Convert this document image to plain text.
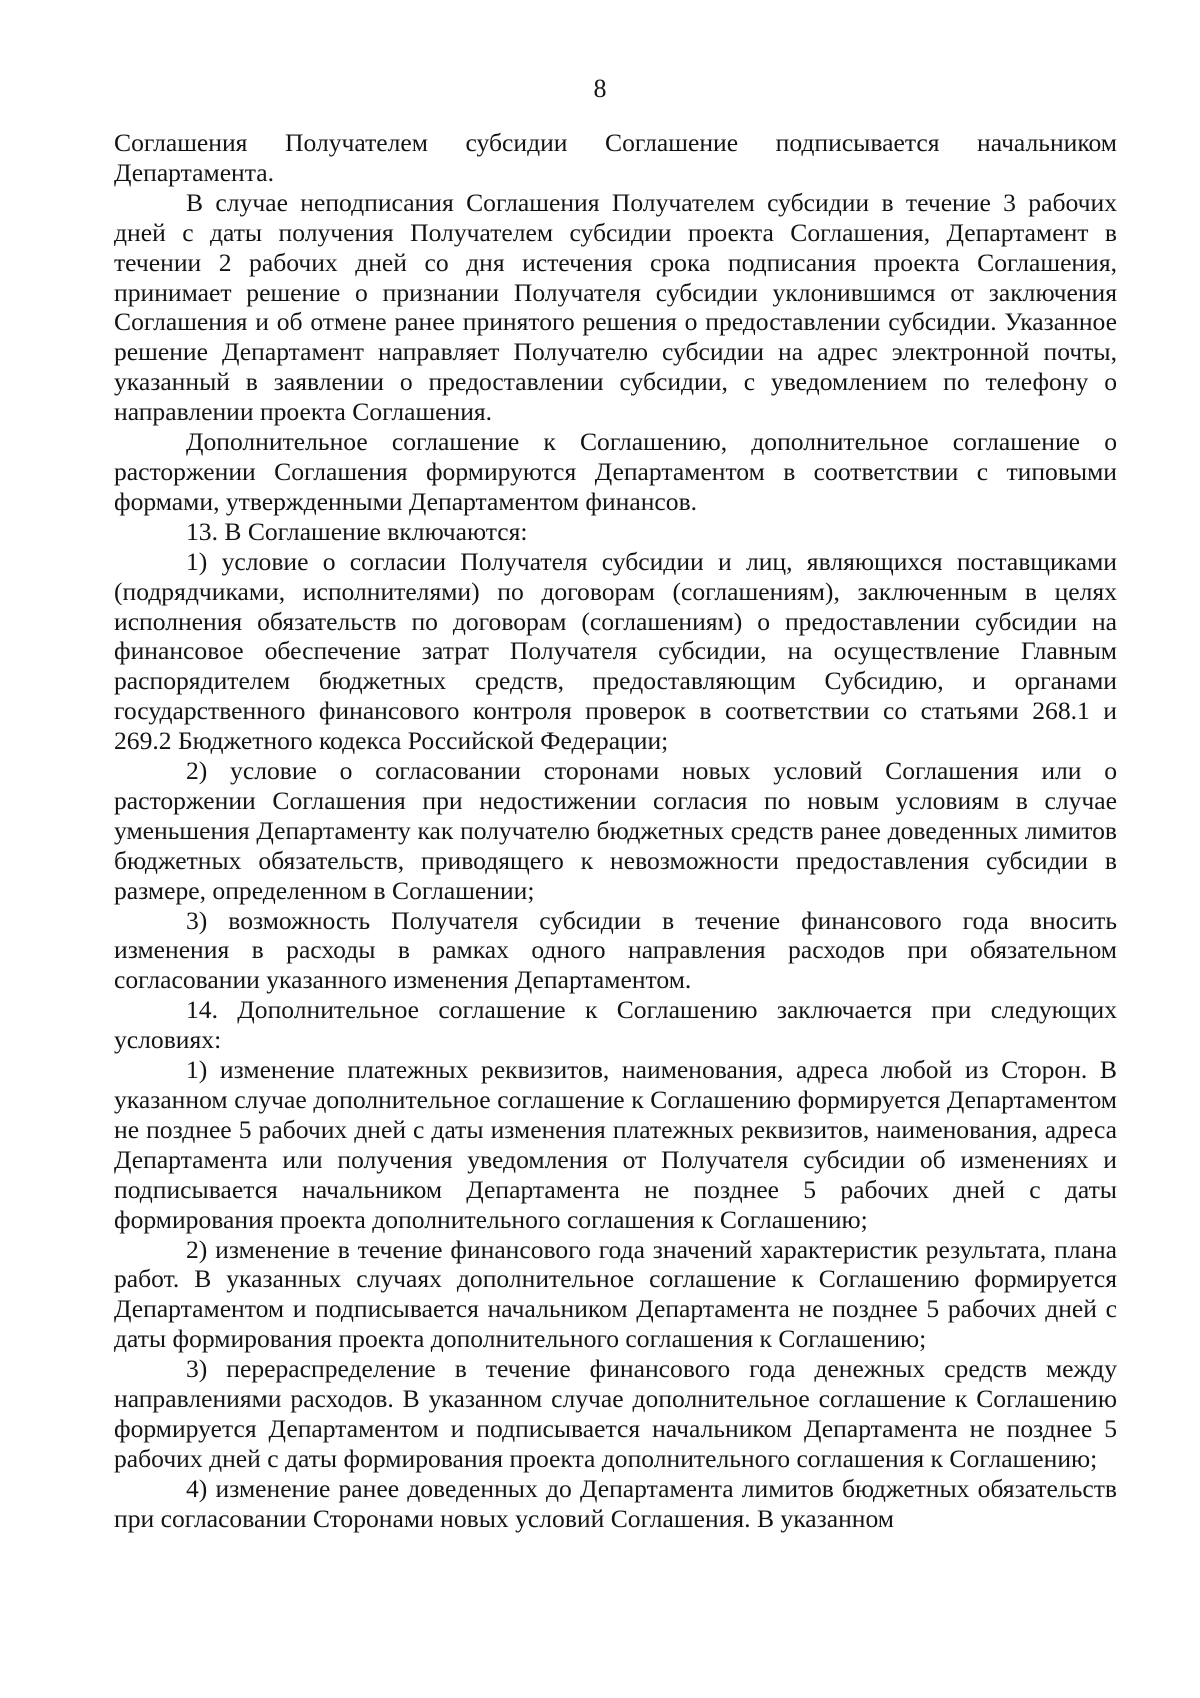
8

Соглашения Получателем субсидии Соглашение подписывается начальником Департамента.

В случае неподписания Соглашения Получателем субсидии в течение 3 рабочих дней с даты получения Получателем субсидии проекта Соглашения, Департамент в течении 2 рабочих дней со дня истечения срока подписания проекта Соглашения, принимает решение о признании Получателя субсидии уклонившимся от заключения Соглашения и об отмене ранее принятого решения о предоставлении субсидии. Указанное решение Департамент направляет Получателю субсидии на адрес электронной почты, указанный в заявлении о предоставлении субсидии, с уведомлением по телефону о направлении проекта Соглашения.

Дополнительное соглашение к Соглашению, дополнительное соглашение о расторжении Соглашения формируются Департаментом в соответствии с типовыми формами, утвержденными Департаментом финансов.

13. В Соглашение включаются:

1) условие о согласии Получателя субсидии и лиц, являющихся поставщиками (подрядчиками, исполнителями) по договорам (соглашениям), заключенным в целях исполнения обязательств по договорам (соглашениям) о предоставлении субсидии на финансовое обеспечение затрат Получателя субсидии, на осуществление Главным распорядителем бюджетных средств, предоставляющим Субсидию, и органами государственного финансового контроля проверок в соответствии со статьями 268.1 и 269.2 Бюджетного кодекса Российской Федерации;

2) условие о согласовании сторонами новых условий Соглашения или о расторжении Соглашения при недостижении согласия по новым условиям в случае уменьшения Департаменту как получателю бюджетных средств ранее доведенных лимитов бюджетных обязательств, приводящего к невозможности предоставления субсидии в размере, определенном в Соглашении;

3) возможность Получателя субсидии в течение финансового года вносить изменения в расходы в рамках одного направления расходов при обязательном согласовании указанного изменения Департаментом.

14. Дополнительное соглашение к Соглашению заключается при следующих условиях:

1) изменение платежных реквизитов, наименования, адреса любой из Сторон. В указанном случае дополнительное соглашение к Соглашению формируется Департаментом не позднее 5 рабочих дней с даты изменения платежных реквизитов, наименования, адреса Департамента или получения уведомления от Получателя субсидии об изменениях и подписывается начальником Департамента не позднее 5 рабочих дней с даты формирования проекта дополнительного соглашения к Соглашению;

2) изменение в течение финансового года значений характеристик результата, плана работ. В указанных случаях дополнительное соглашение к Соглашению формируется Департаментом и подписывается начальником Департамента не позднее 5 рабочих дней с даты формирования проекта дополнительного соглашения к Соглашению;

3) перераспределение в течение финансового года денежных средств между направлениями расходов. В указанном случае дополнительное соглашение к Соглашению формируется Департаментом и подписывается начальником Департамента не позднее 5 рабочих дней с даты формирования проекта дополнительного соглашения к Соглашению;

4) изменение ранее доведенных до Департамента лимитов бюджетных обязательств при согласовании Сторонами новых условий Соглашения. В указанном
